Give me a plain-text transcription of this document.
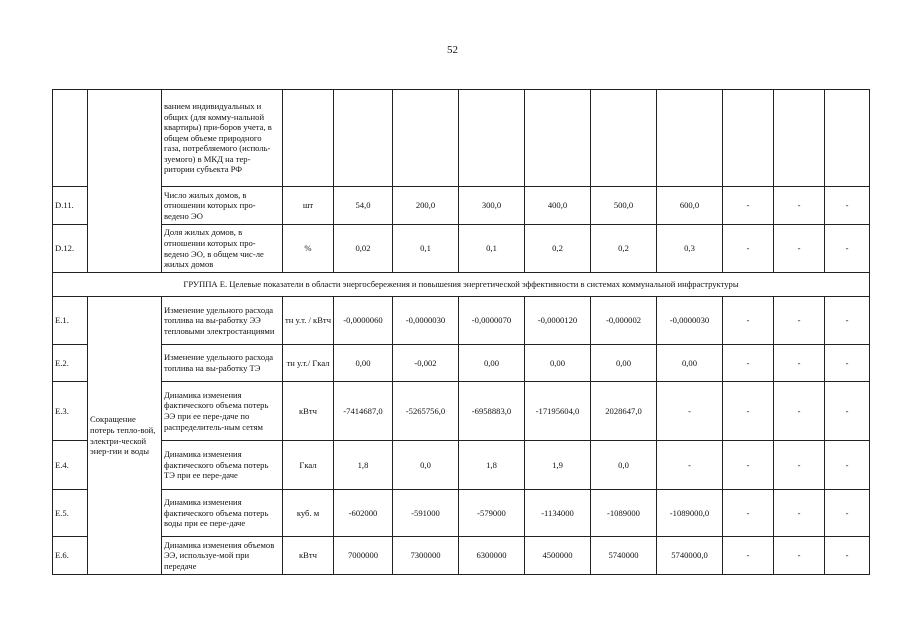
52
		ванием индивидуальных и общих (для комму-нальной квартиры) при-боров учета, в общем объеме природного газа, потребляемого (исполь-зуемого) в МКД на тер-ритории субъекта РФ										
D.11.		Число жилых домов, в отношении которых про-ведено ЭО	шт	54,0	200,0	300,0	400,0	500,0	600,0	-	-	-
D.12.		Доля жилых домов, в отношении которых про-ведено ЭО, в общем чис-ле жилых домов	%	0,02	0,1	0,1	0,2	0,2	0,3	-	-	-
ГРУППА Е. Целевые показатели в области энергосбережения и повышения энергетической эффективности в системах коммунальной инфраструктуры												
E.1.	Сокращение потерь тепло-вой, электри-ческой энер-гии и воды	Изменение удельного расхода топлива на вы-работку ЭЭ тепловыми электростанциями	тн у.т. / кВтч	-0,0000060	-0,0000030	-0,0000070	-0,0000120	-0,000002	-0,0000030	-	-	-
E.2.		Изменение удельного расхода топлива на вы-работку ТЭ	тн у.т./ Гкал	0,00	-0,002	0,00	0,00	0,00	0,00	-	-	-
E.3.		Динамика изменения фактического объема потерь ЭЭ при ее пере-даче по распределитель-ным сетям	кВтч	-7414687,0	-5265756,0	-6958883,0	-17195604,0	2028647,0	-	-	-	-
E.4.		Динамика изменения фактического объема потерь ТЭ при ее пере-даче	Гкал	1,8	0,0	1,8	1,9	0,0	-	-	-	-
E.5.		Динамика изменения фактического объема потерь воды при ее пере-даче	куб. м	-602000	-591000	-579000	-1134000	-1089000	-1089000,0	-	-	-
E.6.		Динамика изменения объемов ЭЭ, используе-мой при передаче	кВтч	7000000	7300000	6300000	4500000	5740000	5740000,0	-	-	-
